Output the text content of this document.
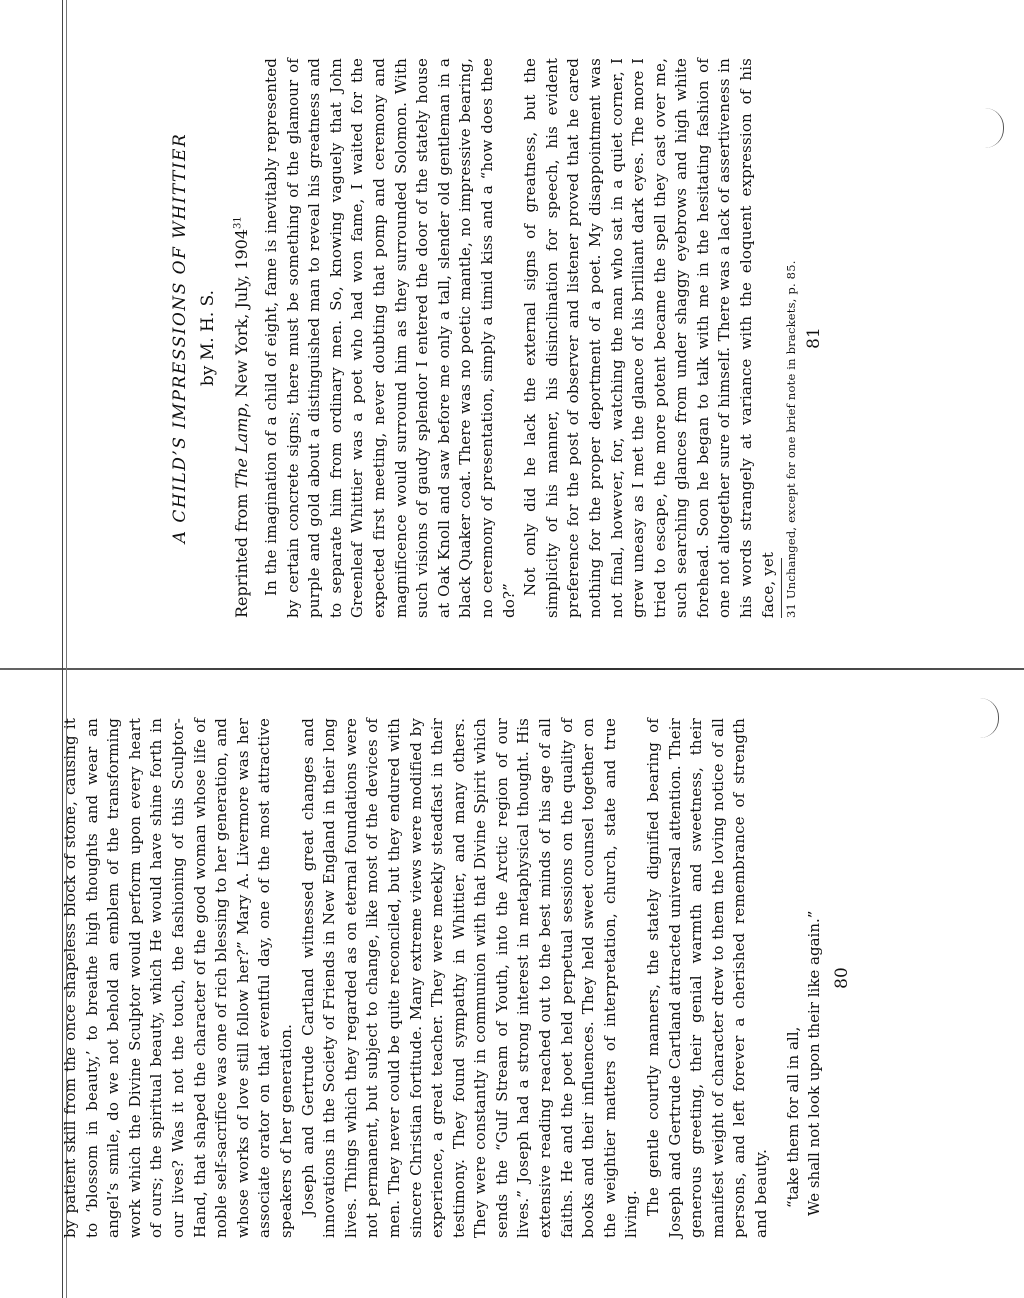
by patient skill from the once shapeless block of stone, causing it to ‘blossom in beauty,’ to breathe high thoughts and wear an angel’s smile, do we not behold an emblem of the transforming work which the Divine Sculptor would perform upon every heart of ours; the spiritual beauty, which He would have shine forth in our lives? Was it not the touch, the fashioning of this Sculptor-Hand, that shaped the character of the good woman whose life of noble self-sacrifice was one of rich blessing to her generation, and whose works of love still follow her?” Mary A. Livermore was her associate orator on that eventful day, one of the most attractive speakers of her generation. Joseph and Gertrude Cartland witnessed great changes and innovations in the Society of Friends in New England in their long lives. Things which they regarded as on eternal foundations were not permanent, but subject to change, like most of the devices of men. They never could be quite reconciled, but they endured with sincere Christian fortitude. Many extreme views were modified by experience, a great teacher. They were meekly steadfast in their testimony. They found sympathy in Whittier, and many others. They were constantly in communion with that Divine Spirit which sends the “Gulf Stream of Youth, into the Arctic region of our lives.” Joseph had a strong interest in metaphysical thought. His extensive reading reached out to the best minds of his age of all faiths. He and the poet held perpetual sessions on the quality of books and their influences. They held sweet counsel together on the weightier matters of interpretation, church, state and true living. The gentle courtly manners, the stately dignified bearing of Joseph and Gertrude Cartland attracted universal attention. Their generous greeting, their genial warmth and sweetness, their manifest weight of character drew to them the loving notice of all persons, and left forever a cherished remembrance of strength and beauty. “take them for all in all, We shall not look upon their like again.” 80
A CHILD’S IMPRESSIONS OF WHITTIER by M. H. S.
Reprinted from The Lamp, New York, July, 1904$^{31}$	In the imagination of a child of eight, fame is inevitably represented by certain concrete signs; there must be something of the glamour of purple and gold about a distinguished man to reveal his greatness and to separate him from ordinary men. So, knowing vaguely that John Greenleaf Whittier was a poet who had won fame, I waited for the expected first meeting, never doubting that pomp and ceremony and magnificence would surround him as they surrounded Solomon. With such visions of gaudy splendor I entered the door of the stately house at Oak Knoll and saw before me only a tall, slender old gentleman in a black Quaker coat. There was no poetic mantle, no impressive bearing, no ceremony of presentation, simply a timid kiss and a “how does thee do?”

Not only did he lack the external signs of greatness, but the simplicity of his manner, his disinclination for speech, his evident preference for the post of observer and listener proved that he cared nothing for the proper deportment of a poet. My disappointment was not final, however, for, watching the man who sat in a quiet corner, I grew uneasy as I met the glance of his brilliant dark eyes. The more I tried to escape, the more potent became the spell they cast over me, such searching glances from under shaggy eyebrows and high white forehead. Soon he began to talk with me in the hesitating fashion of one not altogether sure of himself. There was a lack of assertiveness in his words strangely at variance with the eloquent expression of his face, yet 31 Unchanged, except for one brief note in brackets, p. 85. 81
